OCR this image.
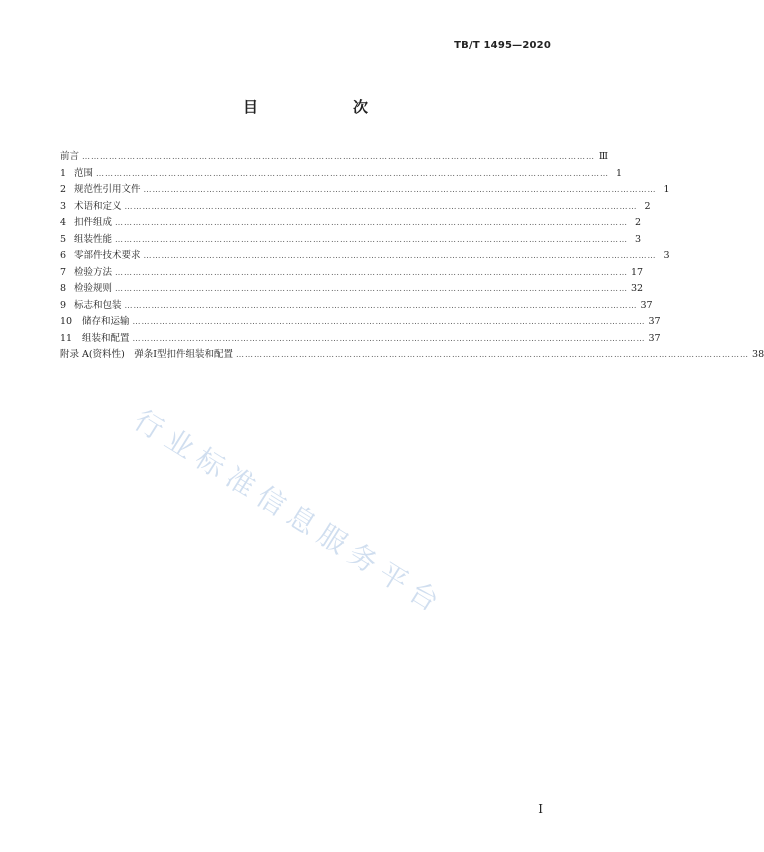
TB/T 1495—2020
目　次
前言 ……………………………………………………………………………………………………………………………………………………… Ⅲ
1 范围 ……………………………………………………………………………………………………………………………………………………… 1
2 规范性引用文件 ……………………………………………………………………………………………………………………………………………………… 1
3 术语和定义 ……………………………………………………………………………………………………………………………………………………… 2
4 扣件组成 ……………………………………………………………………………………………………………………………………………………… 2
5 组装性能 ……………………………………………………………………………………………………………………………………………………… 3
6 零部件技术要求 ……………………………………………………………………………………………………………………………………………………… 3
7 检验方法 ……………………………………………………………………………………………………………………………………………………… 17
8 检验规则 ……………………………………………………………………………………………………………………………………………………… 32
9 标志和包装 ……………………………………………………………………………………………………………………………………………………… 37
10 储存和运输 ……………………………………………………………………………………………………………………………………………………… 37
11 组装和配置 ……………………………………………………………………………………………………………………………………………………… 37
附录 A(资料性)　弹条Ⅰ型扣件组装和配置 ……………………………………………………………………………………………………………………………………………………… 38
行业标准信息服务平台
Ⅰ
